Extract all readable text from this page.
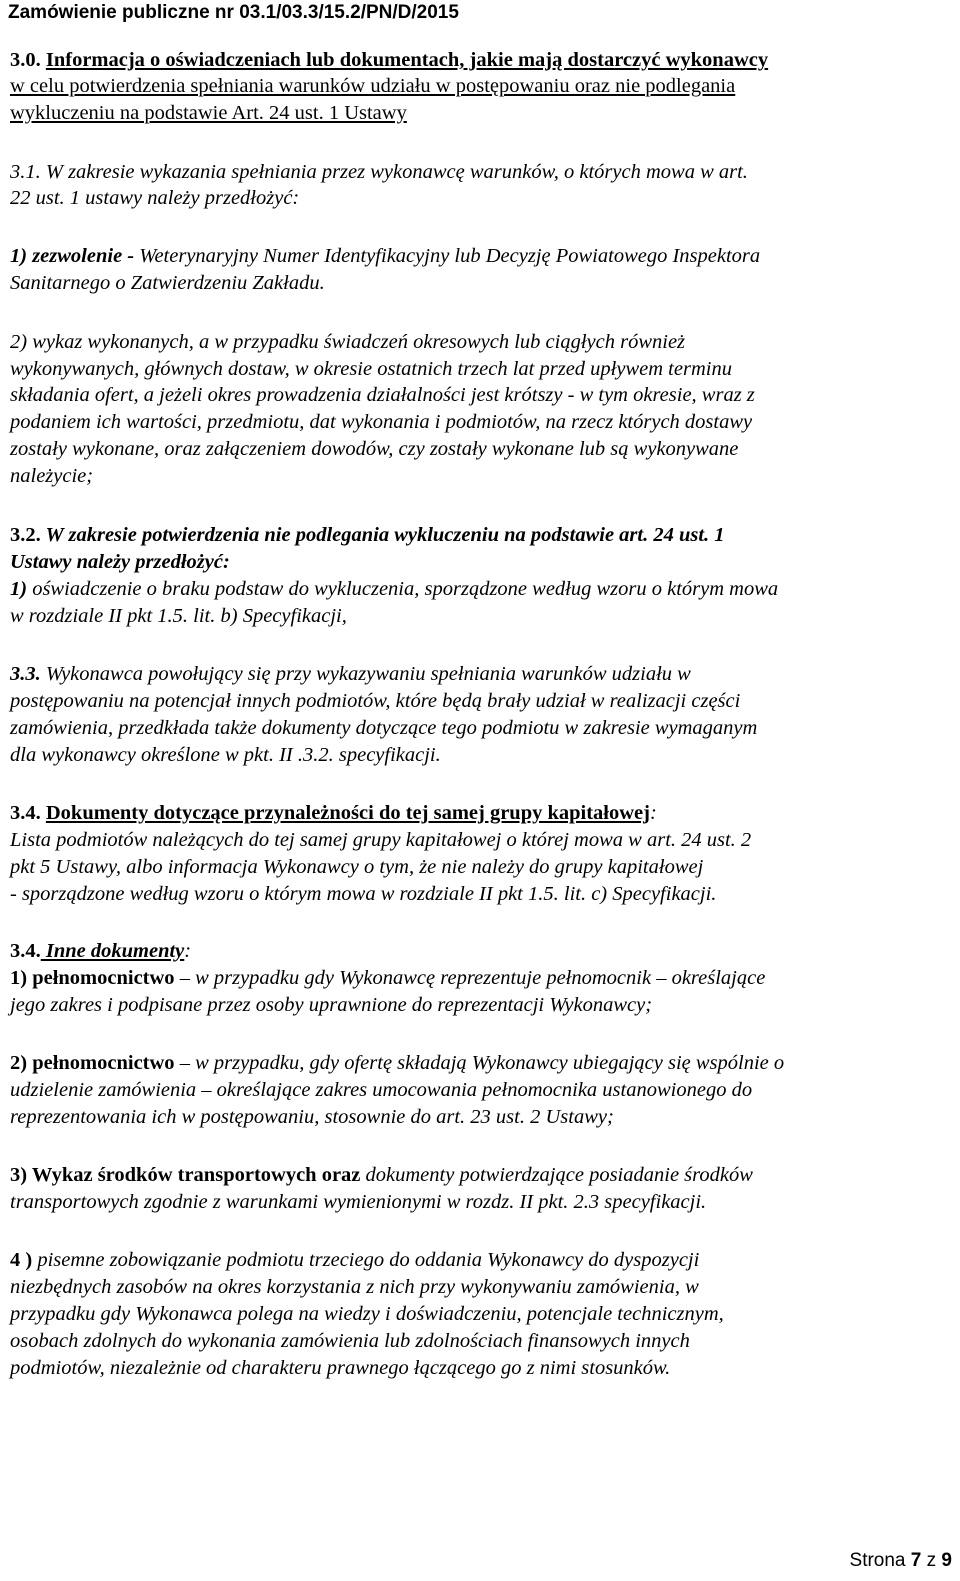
Zamówienie publiczne nr 03.1/03.3/15.2/PN/D/2015
3.0. Informacja o oświadczeniach lub dokumentach, jakie mają dostarczyć wykonawcy
w celu potwierdzenia spełniania warunków udziału w postępowaniu oraz nie podlegania
wykluczeniu na podstawie Art. 24 ust. 1 Ustawy
3.1. W zakresie wykazania spełniania przez wykonawcę warunków, o których mowa w art.
22 ust. 1 ustawy należy przedłożyć:
1) zezwolenie - Weterynaryjny Numer Identyfikacyjny lub Decyzję Powiatowego Inspektora
Sanitarnego o Zatwierdzeniu Zakładu.
2) wykaz wykonanych, a w przypadku świadczeń okresowych lub ciągłych również
wykonywanych, głównych dostaw, w okresie ostatnich trzech lat przed upływem terminu
składania ofert, a jeżeli okres prowadzenia działalności jest krótszy - w tym okresie, wraz z
podaniem ich wartości, przedmiotu, dat wykonania i podmiotów, na rzecz których dostawy
zostały wykonane, oraz załączeniem dowodów, czy zostały wykonane lub są wykonywane
należycie;
3.2. W zakresie potwierdzenia nie podlegania wykluczeniu na podstawie art. 24 ust. 1
Ustawy należy przedłożyć:
1) oświadczenie o braku podstaw do wykluczenia, sporządzone według wzoru o którym mowa
w rozdziale II pkt 1.5. lit. b) Specyfikacji,
3.3. Wykonawca powołujący się przy wykazywaniu spełniania warunków udziału w
postępowaniu na potencjał innych podmiotów, które będą brały udział w realizacji części
zamówienia, przedkłada także dokumenty dotyczące tego podmiotu w zakresie wymaganym
dla wykonawcy określone w pkt. II .3.2. specyfikacji.
3.4. Dokumenty dotyczące przynależności do tej samej grupy kapitałowej:
Lista podmiotów należących do tej samej grupy kapitałowej o której mowa w art. 24 ust. 2
pkt 5 Ustawy, albo informacja Wykonawcy o tym, że nie należy do grupy kapitałowej
- sporządzone według wzoru o którym mowa w rozdziale II pkt 1.5. lit. c) Specyfikacji.
3.4. Inne dokumenty:
1) pełnomocnictwo – w przypadku gdy Wykonawcę reprezentuje pełnomocnik – określające
jego zakres i podpisane przez osoby uprawnione do reprezentacji Wykonawcy;
2) pełnomocnictwo – w przypadku, gdy ofertę składają Wykonawcy ubiegający się wspólnie o
udzielenie zamówienia – określające zakres umocowania pełnomocnika ustanowionego do
reprezentowania ich w postępowaniu, stosownie do art. 23 ust. 2 Ustawy;
3) Wykaz środków transportowych oraz dokumenty potwierdzające posiadanie środków
transportowych zgodnie z warunkami wymienionymi w rozdz. II pkt. 2.3 specyfikacji.
4 ) pisemne zobowiązanie podmiotu trzeciego do oddania Wykonawcy do dyspozycji
niezbędnych zasobów na okres korzystania z nich przy wykonywaniu zamówienia, w
przypadku gdy Wykonawca polega na wiedzy i doświadczeniu, potencjale technicznym,
osobach zdolnych do wykonania zamówienia lub zdolnościach finansowych innych
podmiotów, niezależnie od charakteru prawnego łączącego go z nimi stosunków.
Strona 7 z 9
